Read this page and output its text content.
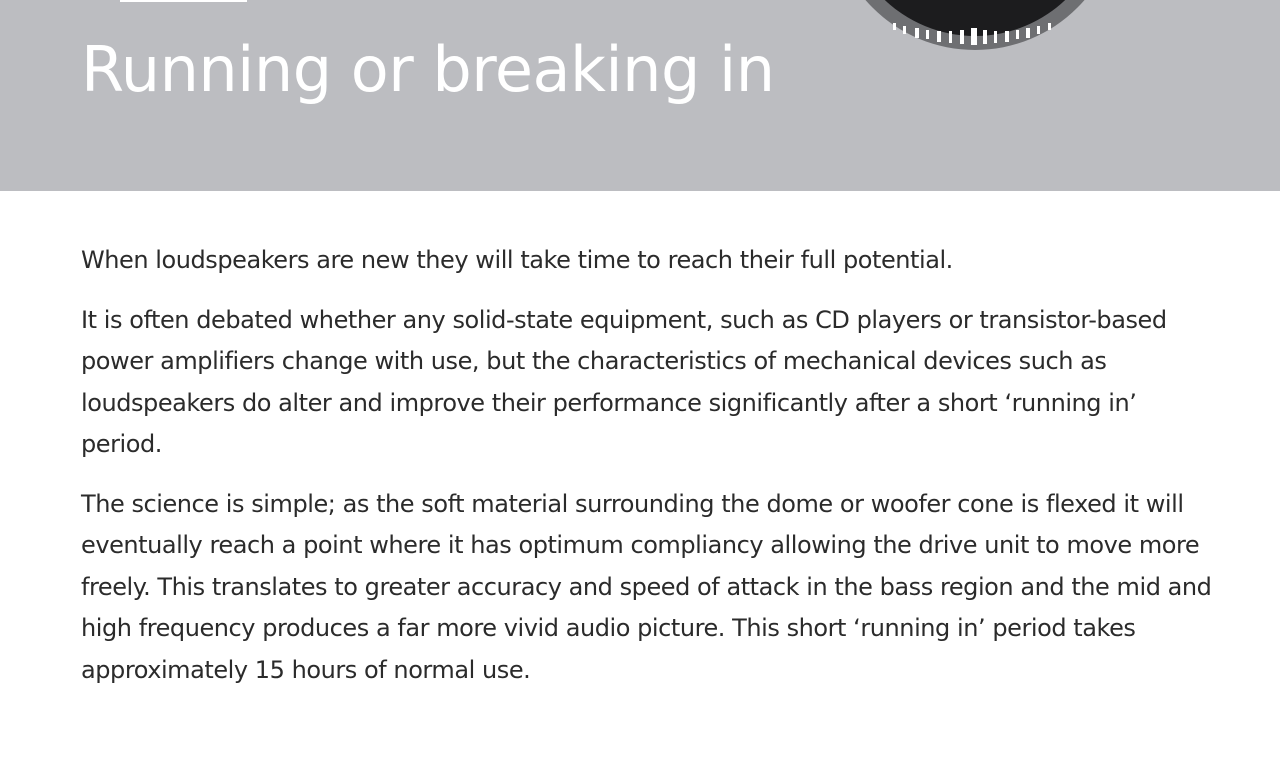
Running or breaking in

When loudspeakers are new they will take time to reach their full potential.

It is often debated whether any solid-state equipment, such as CD players or transistor-based power amplifiers change with use, but the characteristics of mechanical devices such as loudspeakers do alter and improve their performance significantly after a short ‘running in’ period.

The science is simple; as the soft material surrounding the dome or woofer cone is flexed it will eventually reach a point where it has optimum compliancy allowing the drive unit to move more freely. This translates to greater accuracy and speed of attack in the bass region and the mid and high frequency produces a far more vivid audio picture. This short ‘running in’ period takes approximately 15 hours of normal use.
